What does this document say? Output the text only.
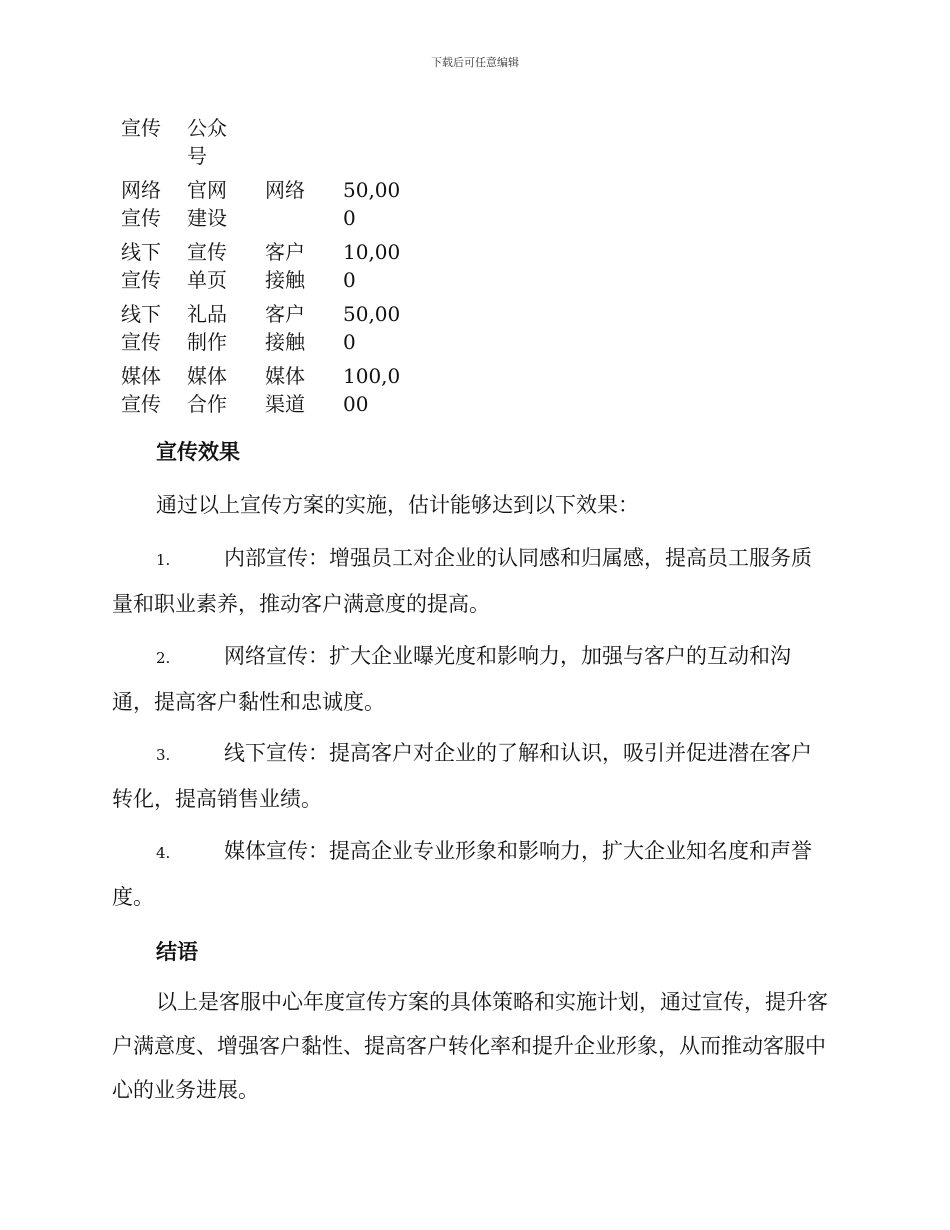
下载后可任意编辑
宣传	公众号		

网络宣传	官网建设	网络	50,000

线下宣传	宣传单页	客户接触	10,000

线下宣传	礼品制作	客户接触	50,000

媒体宣传	媒体合作	媒体渠道	100,000
宣传效果
通过以上宣传方案的实施，估计能够达到以下效果：
1.	内部宣传：增强员工对企业的认同感和归属感，提高员工服务质量和职业素养，推动客户满意度的提高。
2.	网络宣传：扩大企业曝光度和影响力，加强与客户的互动和沟通，提高客户黏性和忠诚度。
3.	线下宣传：提高客户对企业的了解和认识，吸引并促进潜在客户转化，提高销售业绩。
4.	媒体宣传：提高企业专业形象和影响力，扩大企业知名度和声誉度。
结语
以上是客服中心年度宣传方案的具体策略和实施计划，通过宣传，提升客户满意度、增强客户黏性、提高客户转化率和提升企业形象，从而推动客服中心的业务进展。
